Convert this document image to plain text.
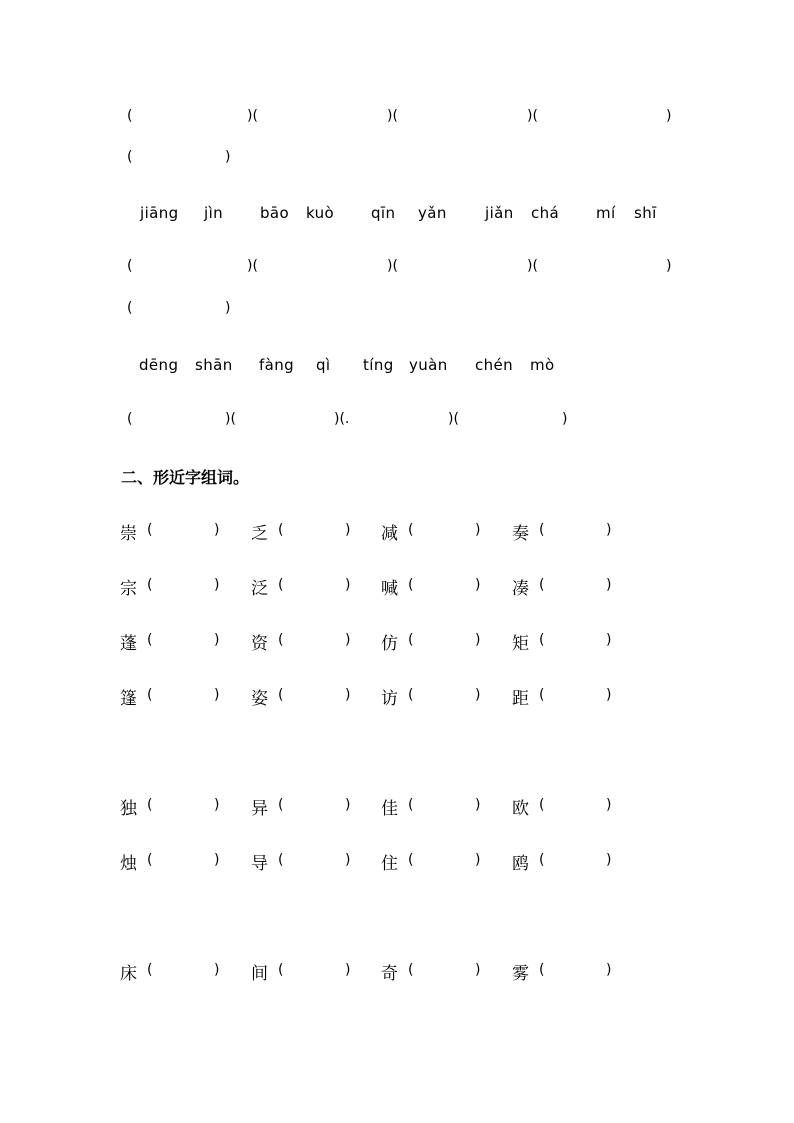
(	)(	)(	)(	)
(	)
jiāng jìn bāo kuò qīn yǎn	jiǎn chá mí shī
(	)(	)(	)(	)
(	)
dēng shān fàng qì tíng yuàn chén mò
(	)(	)(.	)(	)
二、形近字组词。
崇 (	) 乏 (	) 减 (	) 奏 (	)
宗 (	) 泛 (	) 喊 (	) 凑 (	)
蓬 (	) 资 (	) 仿 (	) 矩 (	)
篷 (	) 姿 (	) 访 (	) 距 (	)
独 (	) 异 (	) 佳 (	) 欧 (	)
烛 (	) 导 (	) 住 (	) 鸥 (	)
床 (	) 间 (	) 奇 (	) 雾 (	)
